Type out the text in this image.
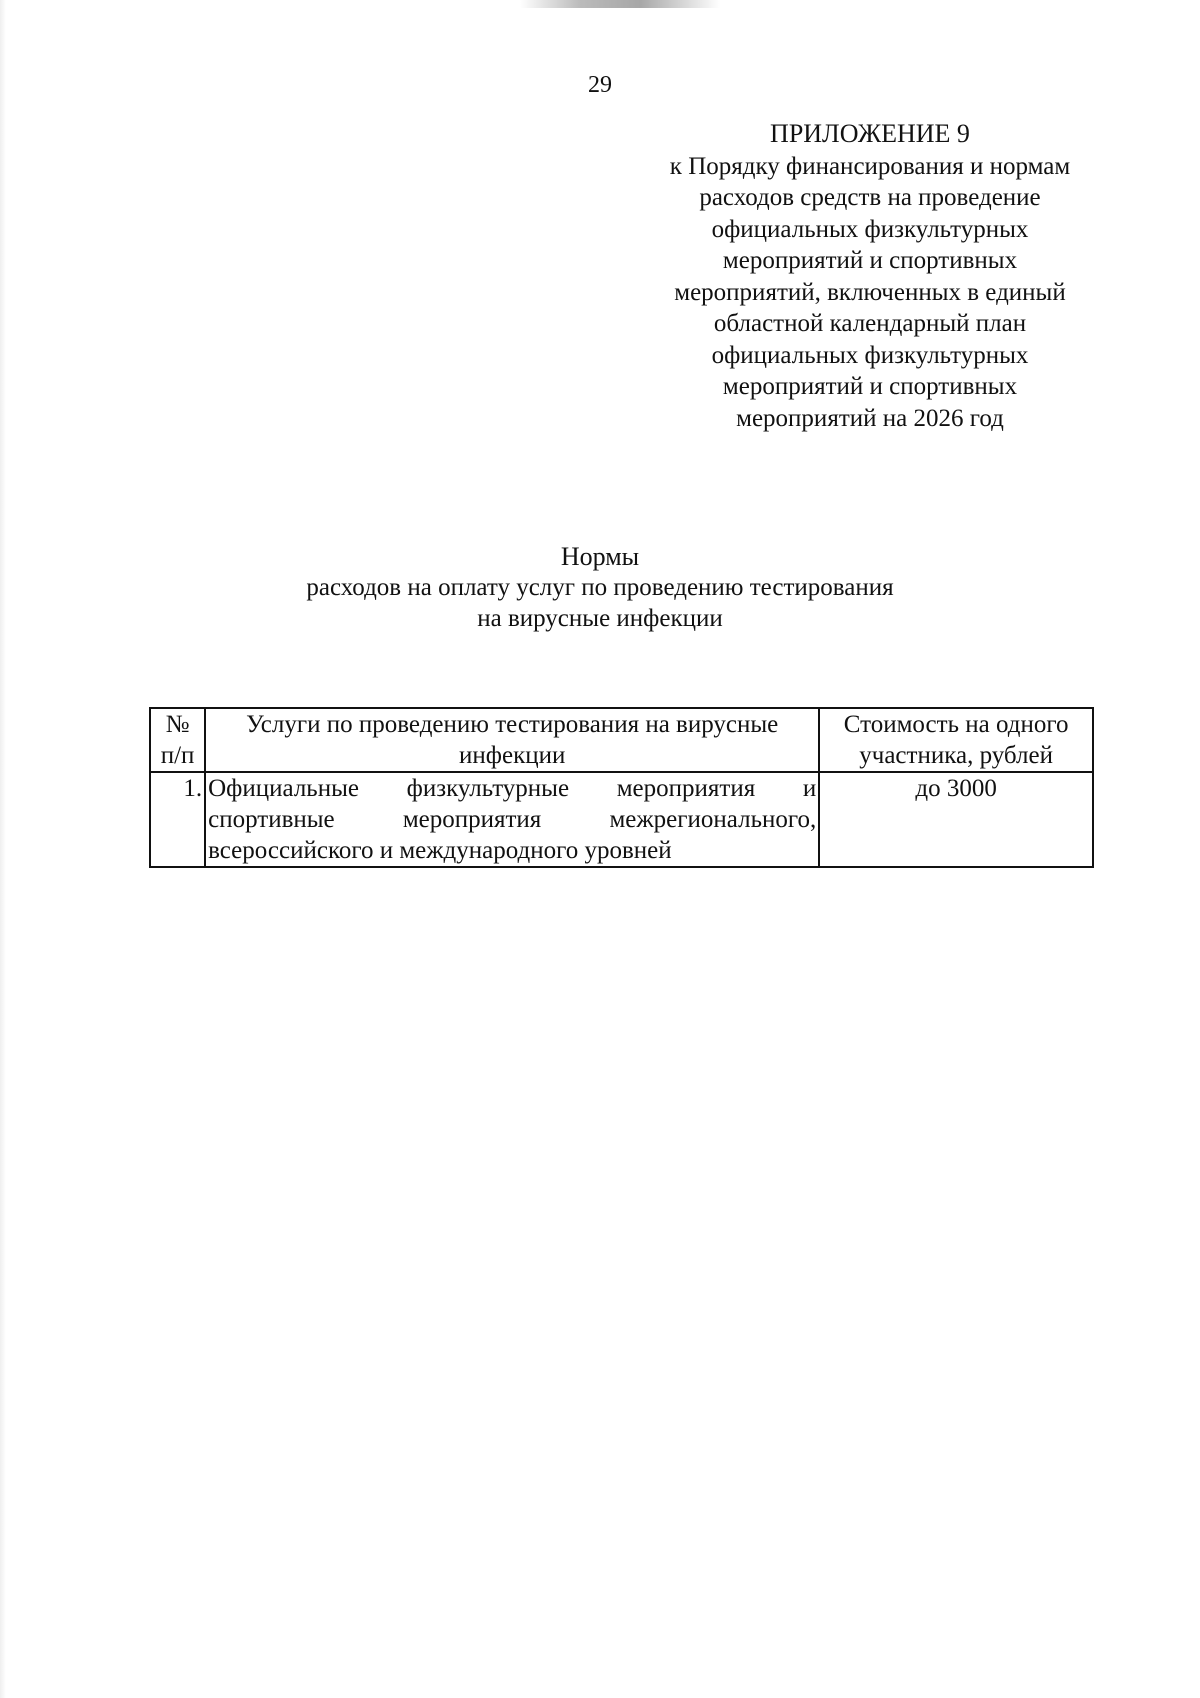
29
ПРИЛОЖЕНИЕ 9
к Порядку финансирования и нормам
расходов средств на проведение
официальных физкультурных
мероприятий и спортивных
мероприятий, включенных в единый
областной календарный план
официальных физкультурных
мероприятий и спортивных
мероприятий на 2026 год
Нормы
расходов на оплату услуг по проведению тестирования
на вирусные инфекции
№ п/п	Услуги по проведению тестирования на вирусные инфекции	Стоимость на одного участника, рублей
1.	Официальные физкультурные мероприятия и спортивные мероприятия межрегионального, всероссийского и международного уровней	до 3000
